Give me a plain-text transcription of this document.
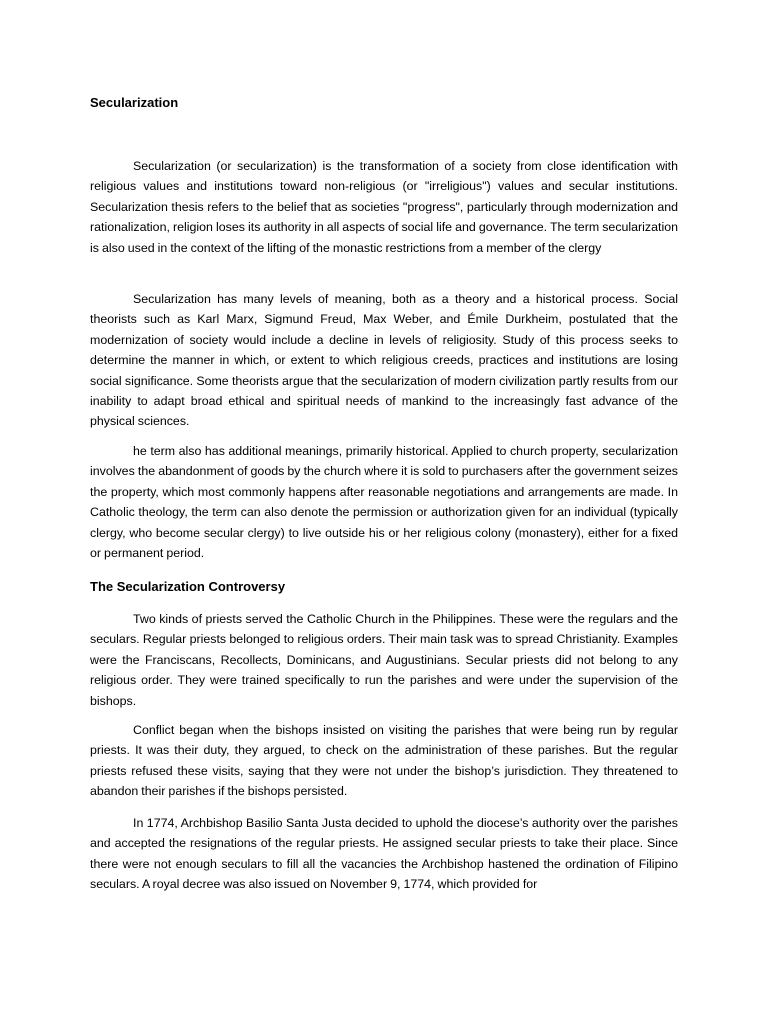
Secularization

Secularization (or secularization) is the transformation of a society from close identification with religious values and institutions toward non-religious (or "irreligious") values and secular institutions. Secularization thesis refers to the belief that as societies "progress", particularly through modernization and rationalization, religion loses its authority in all aspects of social life and governance. The term secularization is also used in the context of the lifting of the monastic restrictions from a member of the clergy

Secularization has many levels of meaning, both as a theory and a historical process. Social theorists such as Karl Marx, Sigmund Freud, Max Weber, and Émile Durkheim, postulated that the modernization of society would include a decline in levels of religiosity. Study of this process seeks to determine the manner in which, or extent to which religious creeds, practices and institutions are losing social significance. Some theorists argue that the secularization of modern civilization partly results from our inability to adapt broad ethical and spiritual needs of mankind to the increasingly fast advance of the physical sciences.

he term also has additional meanings, primarily historical. Applied to church property, secularization involves the abandonment of goods by the church where it is sold to purchasers after the government seizes the property, which most commonly happens after reasonable negotiations and arrangements are made. In Catholic theology, the term can also denote the permission or authorization given for an individual (typically clergy, who become secular clergy) to live outside his or her religious colony (monastery), either for a fixed or permanent period.

The Secularization Controversy

Two kinds of priests served the Catholic Church in the Philippines. These were the regulars and the seculars. Regular priests belonged to religious orders. Their main task was to spread Christianity. Examples were the Franciscans, Recollects, Dominicans, and Augustinians. Secular priests did not belong to any religious order. They were trained specifically to run the parishes and were under the supervision of the bishops.

Conflict began when the bishops insisted on visiting the parishes that were being run by regular priests. It was their duty, they argued, to check on the administration of these parishes. But the regular priests refused these visits, saying that they were not under the bishop’s jurisdiction. They threatened to abandon their parishes if the bishops persisted.

In 1774, Archbishop Basilio Santa Justa decided to uphold the diocese’s authority over the parishes and accepted the resignations of the regular priests. He assigned secular priests to take their place. Since there were not enough seculars to fill all the vacancies the Archbishop hastened the ordination of Filipino seculars. A royal decree was also issued on November 9, 1774, which provided for
